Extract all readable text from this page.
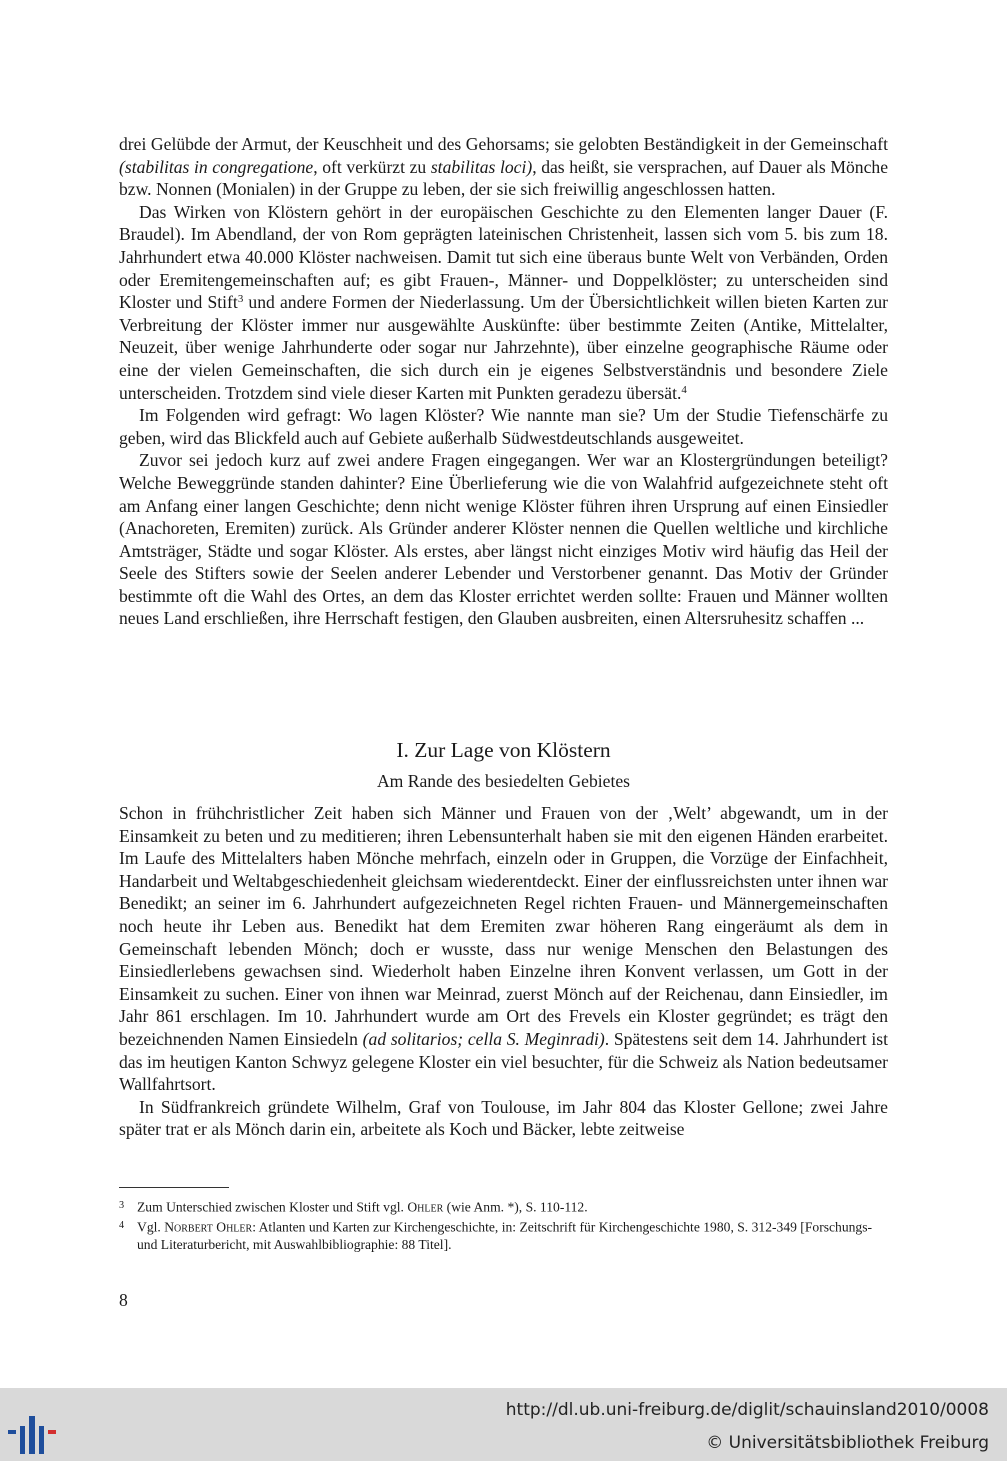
drei Gelübde der Armut, der Keuschheit und des Gehorsams; sie gelobten Beständigkeit in der Gemeinschaft (stabilitas in congregatione, oft verkürzt zu stabilitas loci), das heißt, sie versprachen, auf Dauer als Mönche bzw. Nonnen (Monialen) in der Gruppe zu leben, der sie sich freiwillig angeschlossen hatten.

Das Wirken von Klöstern gehört in der europäischen Geschichte zu den Elementen langer Dauer (F. Braudel). Im Abendland, der von Rom geprägten lateinischen Christenheit, lassen sich vom 5. bis zum 18. Jahrhundert etwa 40.000 Klöster nachweisen. Damit tut sich eine überaus bunte Welt von Verbänden, Orden oder Eremitengemeinschaften auf; es gibt Frauen-, Männer- und Doppelklöster; zu unterscheiden sind Kloster und Stift$^3$ und andere Formen der Niederlassung. Um der Übersichtlichkeit willen bieten Karten zur Verbreitung der Klöster immer nur ausgewählte Auskünfte: über bestimmte Zeiten (Antike, Mittelalter, Neuzeit, über wenige Jahrhunderte oder sogar nur Jahrzehnte), über einzelne geographische Räume oder eine der vielen Gemeinschaften, die sich durch ein je eigenes Selbstverständnis und besondere Ziele unterscheiden. Trotzdem sind viele dieser Karten mit Punkten geradezu übersät.$^4$

Im Folgenden wird gefragt: Wo lagen Klöster? Wie nannte man sie? Um der Studie Tiefenschärfe zu geben, wird das Blickfeld auch auf Gebiete außerhalb Südwestdeutschlands ausgeweitet.

Zuvor sei jedoch kurz auf zwei andere Fragen eingegangen. Wer war an Klostergründungen beteiligt? Welche Beweggründe standen dahinter? Eine Überlieferung wie die von Walahfrid aufgezeichnete steht oft am Anfang einer langen Geschichte; denn nicht wenige Klöster führen ihren Ursprung auf einen Einsiedler (Anachoreten, Eremiten) zurück. Als Gründer anderer Klöster nennen die Quellen weltliche und kirchliche Amtsträger, Städte und sogar Klöster. Als erstes, aber längst nicht einziges Motiv wird häufig das Heil der Seele des Stifters sowie der Seelen anderer Lebender und Verstorbener genannt. Das Motiv der Gründer bestimmte oft die Wahl des Ortes, an dem das Kloster errichtet werden sollte: Frauen und Männer wollten neues Land erschließen, ihre Herrschaft festigen, den Glauben ausbreiten, einen Altersruhesitz schaffen ...

I. Zur Lage von Klöstern
Am Rande des besiedelten Gebietes

Schon in frühchristlicher Zeit haben sich Männer und Frauen von der ‚Welt’ abgewandt, um in der Einsamkeit zu beten und zu meditieren; ihren Lebensunterhalt haben sie mit den eigenen Händen erarbeitet. Im Laufe des Mittelalters haben Mönche mehrfach, einzeln oder in Gruppen, die Vorzüge der Einfachheit, Handarbeit und Weltabgeschiedenheit gleichsam wiederentdeckt. Einer der einflussreichsten unter ihnen war Benedikt; an seiner im 6. Jahrhundert aufgezeichneten Regel richten Frauen- und Männergemeinschaften noch heute ihr Leben aus. Benedikt hat dem Eremiten zwar höheren Rang eingeräumt als dem in Gemeinschaft lebenden Mönch; doch er wusste, dass nur wenige Menschen den Belastungen des Einsiedlerlebens gewachsen sind. Wiederholt haben Einzelne ihren Konvent verlassen, um Gott in der Einsamkeit zu suchen. Einer von ihnen war Meinrad, zuerst Mönch auf der Reichenau, dann Einsiedler, im Jahr 861 erschlagen. Im 10. Jahrhundert wurde am Ort des Frevels ein Kloster gegründet; es trägt den bezeichnenden Namen Einsiedeln (ad solitarios; cella S. Meginradi). Spätestens seit dem 14. Jahrhundert ist das im heutigen Kanton Schwyz gelegene Kloster ein viel besuchter, für die Schweiz als Nation bedeutsamer Wallfahrtsort.

In Südfrankreich gründete Wilhelm, Graf von Toulouse, im Jahr 804 das Kloster Gellone; zwei Jahre später trat er als Mönch darin ein, arbeitete als Koch und Bäcker, lebte zeitweise

3 Zum Unterschied zwischen Kloster und Stift vgl. Ohler (wie Anm. *), S. 110-112.

4 Vgl. Norbert Ohler: Atlanten und Karten zur Kirchengeschichte, in: Zeitschrift für Kirchengeschichte 1980, S. 312-349 [Forschungs- und Literaturbericht, mit Auswahlbibliographie: 88 Titel].

8
http://dl.ub.uni-freiburg.de/diglit/schauinsland2010/0008
© Universitätsbibliothek Freiburg
